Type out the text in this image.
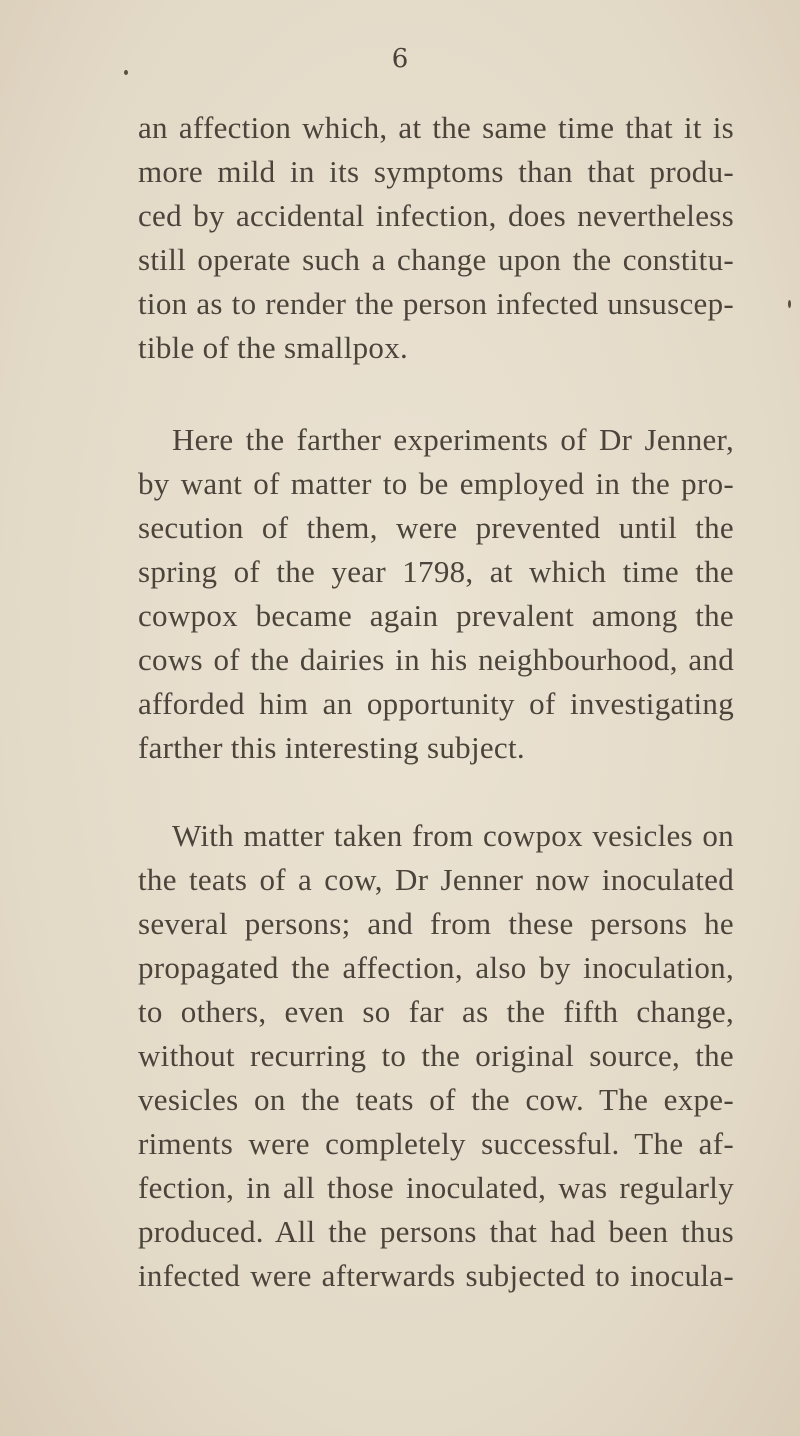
6
an affection which, at the same time that it is
more mild in its symptoms than that produ-
ced by accidental infection, does nevertheless
still operate such a change upon the constitu-
tion as to render the person infected unsuscep-
tible of the smallpox.
Here the farther experiments of Dr Jenner,
by want of matter to be employed in the pro-
secution of them, were prevented until the
spring of the year 1798, at which time the
cowpox became again prevalent among the
cows of the dairies in his neighbourhood, and
afforded him an opportunity of investigating
farther this interesting subject.
With matter taken from cowpox vesicles on
the teats of a cow, Dr Jenner now inoculated
several persons; and from these persons he
propagated the affection, also by inoculation,
to others, even so far as the fifth change,
without recurring to the original source, the
vesicles on the teats of the cow. The expe-
riments were completely successful. The af-
fection, in all those inoculated, was regularly
produced. All the persons that had been thus
infected were afterwards subjected to inocula-
